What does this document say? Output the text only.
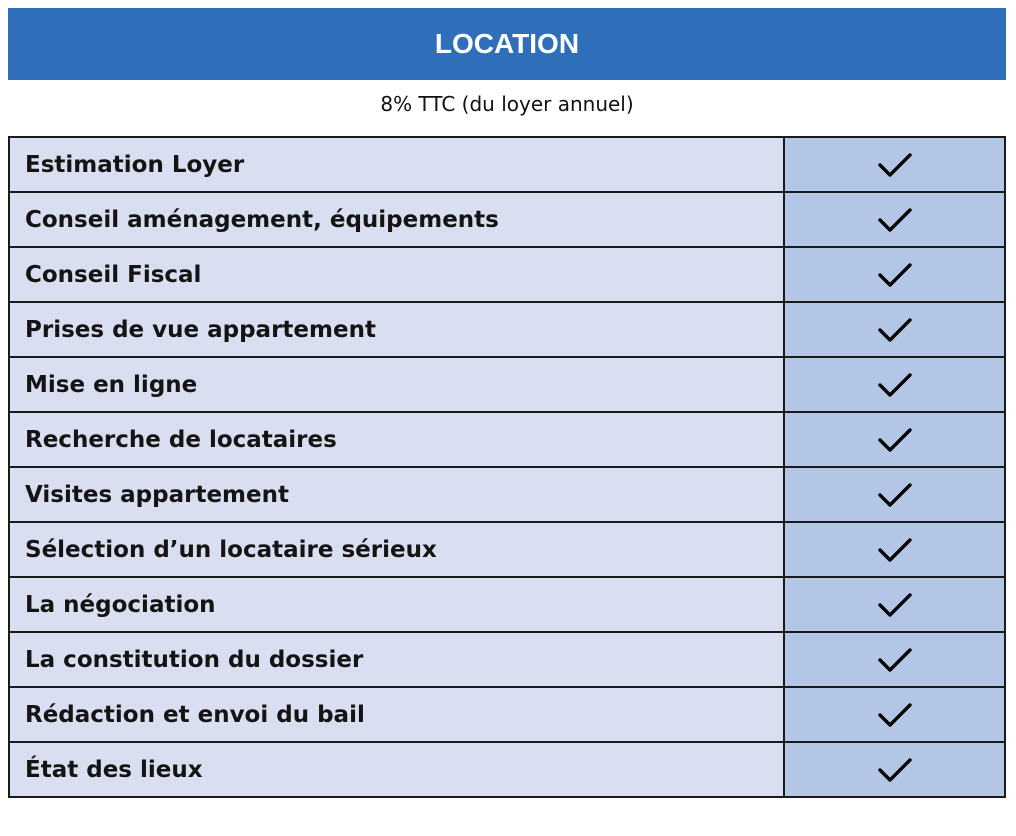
LOCATION
8% TTC (du loyer annuel)
Estimation Loyer	
Conseil aménagement, équipements	
Conseil Fiscal	
Prises de vue appartement	
Mise en ligne	
Recherche de locataires	
Visites appartement	
Sélection d’un locataire sérieux	
La négociation	
La constitution du dossier	
Rédaction et envoi du bail	
État des lieux	
